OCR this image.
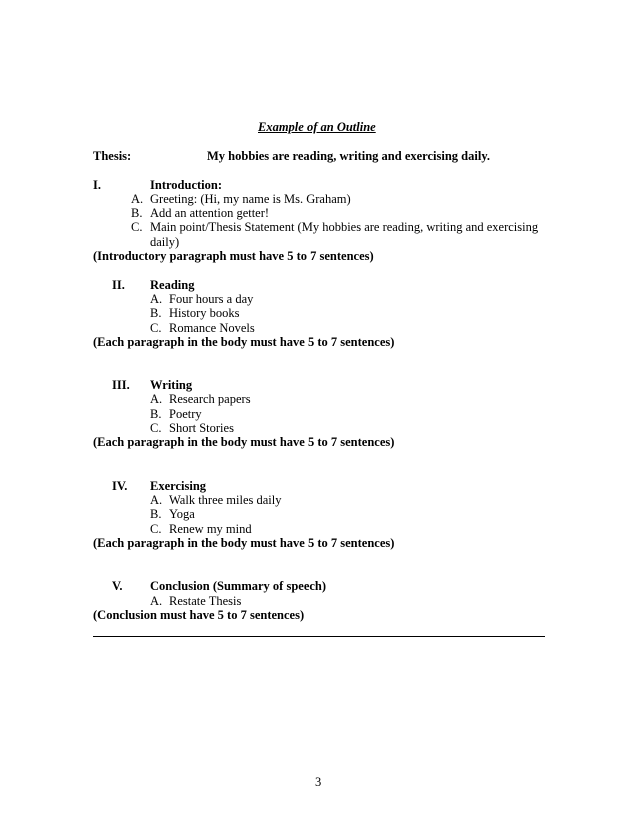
Example of an Outline
Thesis:	My hobbies are reading, writing and exercising daily.
I.	Introduction:
A. Greeting: (Hi, my name is Ms. Graham)
B. Add an attention getter!
C. Main point/Thesis Statement (My hobbies are reading, writing and exercising
daily)
(Introductory paragraph must have 5 to 7 sentences)
II. Reading
A. Four hours a day
B. History books
C. Romance Novels
(Each paragraph in the body must have 5 to 7 sentences)
III. Writing
A. Research papers
B. Poetry
C. Short Stories
(Each paragraph in the body must have 5 to 7 sentences)
IV. Exercising
A. Walk three miles daily
B. Yoga
C. Renew my mind
(Each paragraph in the body must have 5 to 7 sentences)
V. Conclusion (Summary of speech)
A. Restate Thesis
(Conclusion must have 5 to 7 sentences)
3
